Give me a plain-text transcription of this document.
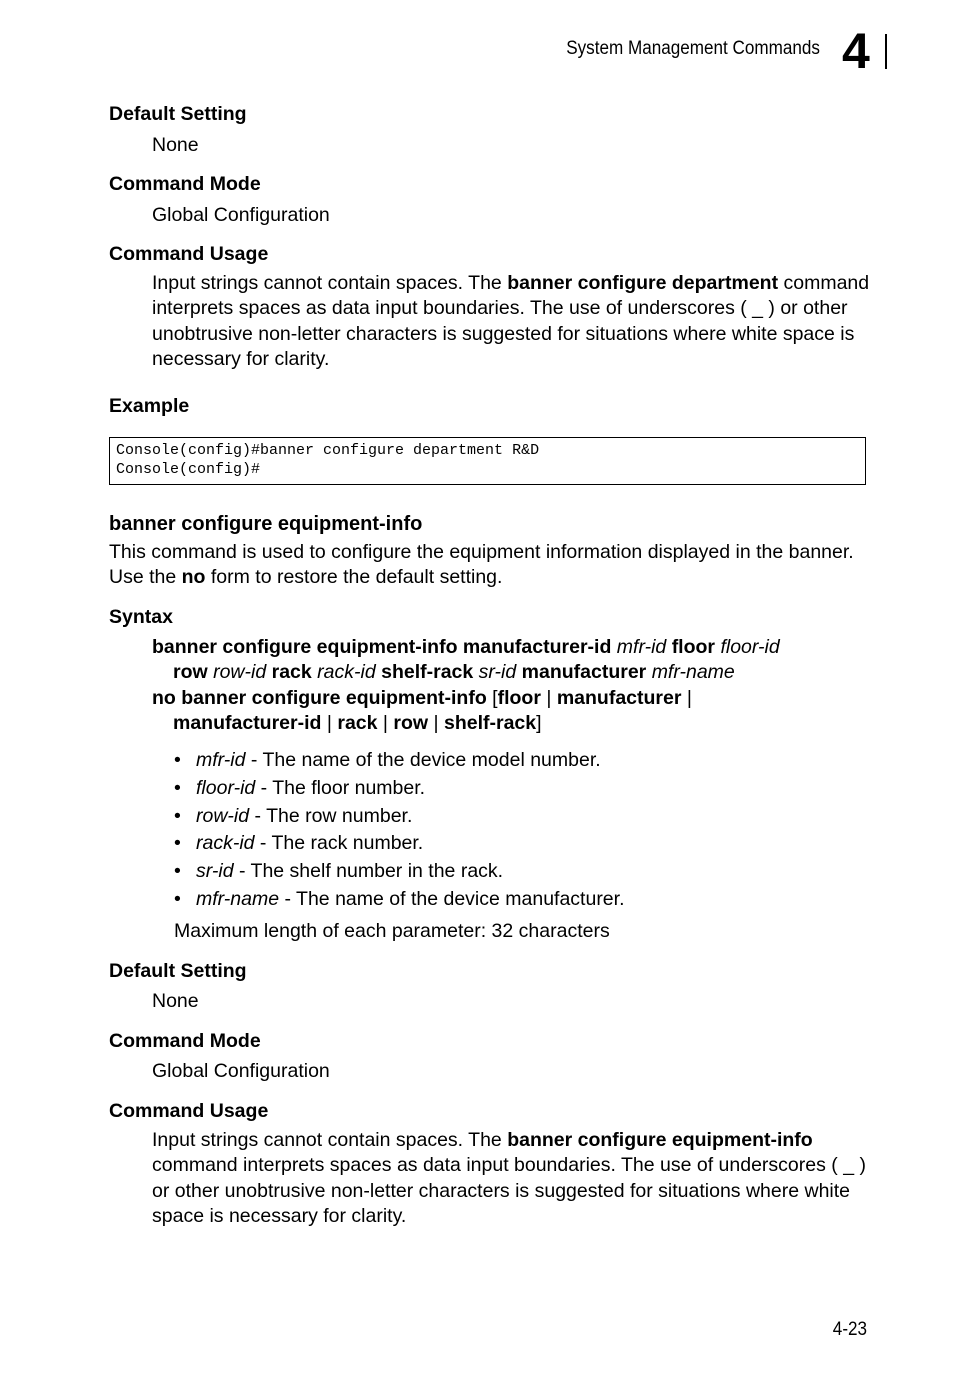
System Management Commands 4
Default Setting
None
Command Mode
Global Configuration
Command Usage
Input strings cannot contain spaces. The banner configure department command interprets spaces as data input boundaries. The use of underscores ( _ ) or other unobtrusive non-letter characters is suggested for situations where white space is necessary for clarity.
Example
Console(config)#banner configure department R&D
Console(config)#
banner configure equipment-info
This command is used to configure the equipment information displayed in the banner. Use the no form to restore the default setting.
Syntax
banner configure equipment-info manufacturer-id mfr-id floor floor-id
row row-id rack rack-id shelf-rack sr-id manufacturer mfr-name
no banner configure equipment-info [floor | manufacturer |
manufacturer-id | rack | row | shelf-rack]
• mfr-id - The name of the device model number.
• floor-id - The floor number.
• row-id - The row number.
• rack-id - The rack number.
• sr-id - The shelf number in the rack.
• mfr-name - The name of the device manufacturer.
Maximum length of each parameter: 32 characters
Default Setting
None
Command Mode
Global Configuration
Command Usage
Input strings cannot contain spaces. The banner configure equipment-info command interprets spaces as data input boundaries. The use of underscores ( _ ) or other unobtrusive non-letter characters is suggested for situations where white space is necessary for clarity.
4-23
